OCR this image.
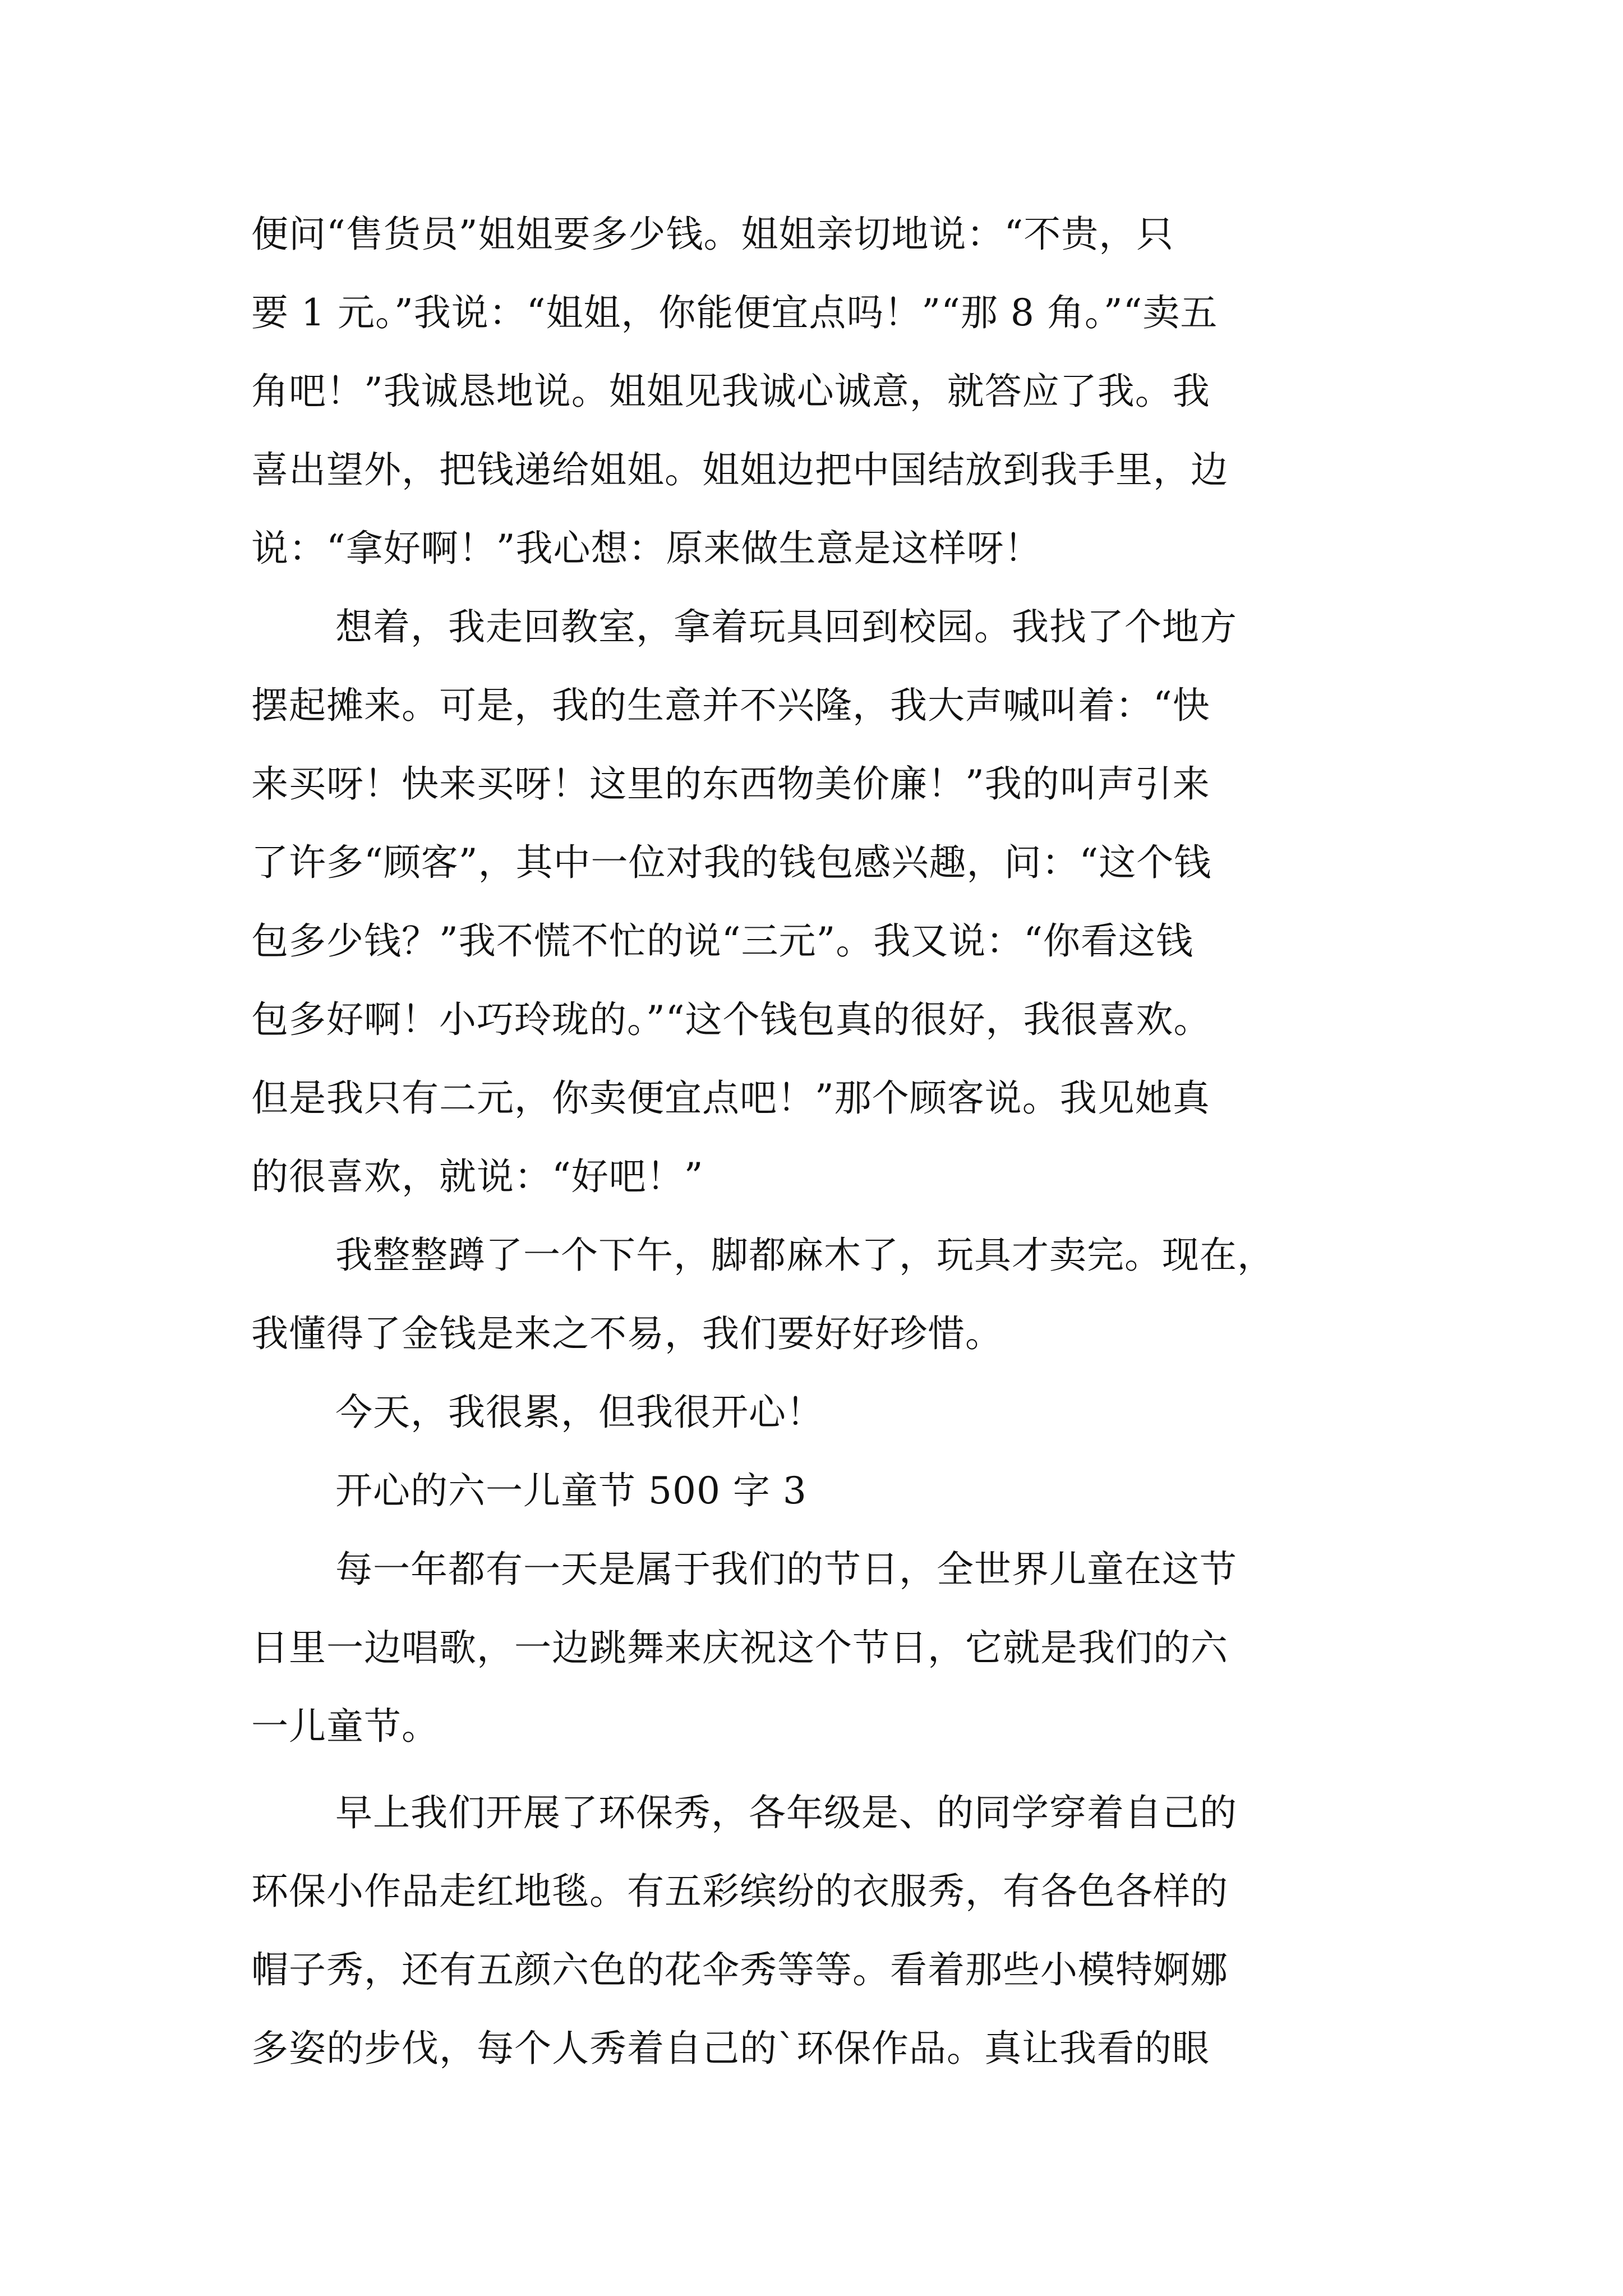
便问“售货员”姐姐要多少钱。姐姐亲切地说：“不贵，只
要 1 元。”我说：“姐姐，你能便宜点吗！”“那 8 角。”“卖五
角吧！”我诚恳地说。姐姐见我诚心诚意，就答应了我。我
喜出望外，把钱递给姐姐。姐姐边把中国结放到我手里，边
说：“拿好啊！”我心想：原来做生意是这样呀！
想着，我走回教室，拿着玩具回到校园。我找了个地方
摆起摊来。可是，我的生意并不兴隆，我大声喊叫着：“快
来买呀！快来买呀！这里的东西物美价廉！”我的叫声引来
了许多“顾客”，其中一位对我的钱包感兴趣，问：“这个钱
包多少钱？”我不慌不忙的说“三元”。我又说：“你看这钱
包多好啊！小巧玲珑的。”“这个钱包真的很好，我很喜欢。
但是我只有二元，你卖便宜点吧！”那个顾客说。我见她真
的很喜欢，就说：“好吧！”
我整整蹲了一个下午，脚都麻木了，玩具才卖完。现在，
我懂得了金钱是来之不易，我们要好好珍惜。
今天，我很累，但我很开心！
开心的六一儿童节 500 字 3
每一年都有一天是属于我们的节日，全世界儿童在这节
日里一边唱歌，一边跳舞来庆祝这个节日，它就是我们的六
一儿童节。
早上我们开展了环保秀，各年级是、的同学穿着自己的
环保小作品走红地毯。有五彩缤纷的衣服秀，有各色各样的
帽子秀，还有五颜六色的花伞秀等等。看着那些小模特婀娜
多姿的步伐，每个人秀着自己的`环保作品。真让我看的眼
